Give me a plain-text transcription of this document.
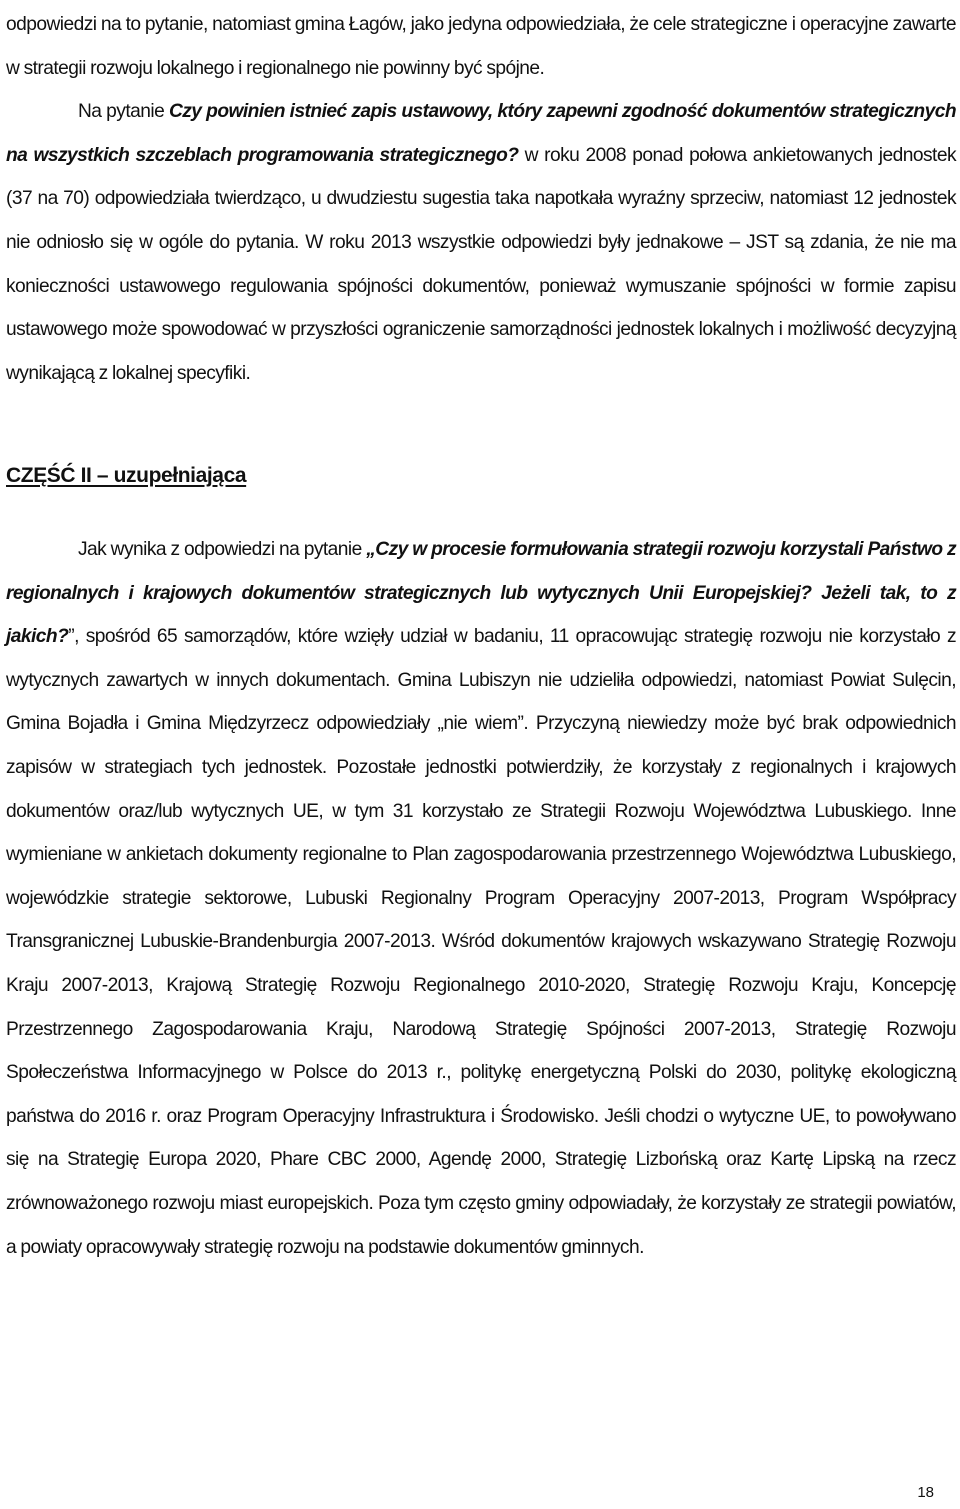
odpowiedzi na to pytanie, natomiast gmina Łagów, jako jedyna odpowiedziała, że cele strategiczne i operacyjne zawarte w strategii rozwoju lokalnego i regionalnego nie powinny być spójne.

Na pytanie Czy powinien istnieć zapis ustawowy, który zapewni zgodność dokumentów strategicznych na wszystkich szczeblach programowania strategicznego? w roku 2008 ponad połowa ankietowanych jednostek (37 na 70) odpowiedziała twierdząco, u dwudziestu sugestia taka napotkała wyraźny sprzeciw, natomiast 12 jednostek nie odniosło się w ogóle do pytania. W roku 2013 wszystkie odpowiedzi były jednakowe – JST są zdania, że nie ma konieczności ustawowego regulowania spójności dokumentów, ponieważ wymuszanie spójności w formie zapisu ustawowego może spowodować w przyszłości ograniczenie samorządności jednostek lokalnych i możliwość decyzyjną wynikającą z lokalnej specyfiki.

CZĘŚĆ II – uzupełniająca

Jak wynika z odpowiedzi na pytanie „Czy w procesie formułowania strategii rozwoju korzystali Państwo z regionalnych i krajowych dokumentów strategicznych lub wytycznych Unii Europejskiej? Jeżeli tak, to z jakich?”, spośród 65 samorządów, które wzięły udział w badaniu, 11 opracowując strategię rozwoju nie korzystało z wytycznych zawartych w innych dokumentach. Gmina Lubiszyn nie udzieliła odpowiedzi, natomiast Powiat Sulęcin, Gmina Bojadła i Gmina Międzyrzecz odpowiedziały „nie wiem”. Przyczyną niewiedzy może być brak odpowiednich zapisów w strategiach tych jednostek. Pozostałe jednostki potwierdziły, że korzystały z regionalnych i krajowych dokumentów oraz/lub wytycznych UE, w tym 31 korzystało ze Strategii Rozwoju Województwa Lubuskiego. Inne wymieniane w ankietach dokumenty regionalne to Plan zagospodarowania przestrzennego Województwa Lubuskiego, wojewódzkie strategie sektorowe, Lubuski Regionalny Program Operacyjny 2007-2013, Program Współpracy Transgranicznej Lubuskie-Brandenburgia 2007-2013. Wśród dokumentów krajowych wskazywano Strategię Rozwoju Kraju 2007-2013, Krajową Strategię Rozwoju Regionalnego 2010-2020, Strategię Rozwoju Kraju, Koncepcję Przestrzennego Zagospodarowania Kraju, Narodową Strategię Spójności 2007-2013, Strategię Rozwoju Społeczeństwa Informacyjnego w Polsce do 2013 r., politykę energetyczną Polski do 2030, politykę ekologiczną państwa do 2016 r. oraz Program Operacyjny Infrastruktura i Środowisko. Jeśli chodzi o wytyczne UE, to powoływano się na Strategię Europa 2020, Phare CBC 2000, Agendę 2000, Strategię Lizbońską oraz Kartę Lipską na rzecz zrównoważonego rozwoju miast europejskich. Poza tym często gminy odpowiadały, że korzystały ze strategii powiatów, a powiaty opracowywały strategię rozwoju na podstawie dokumentów gminnych.

18
